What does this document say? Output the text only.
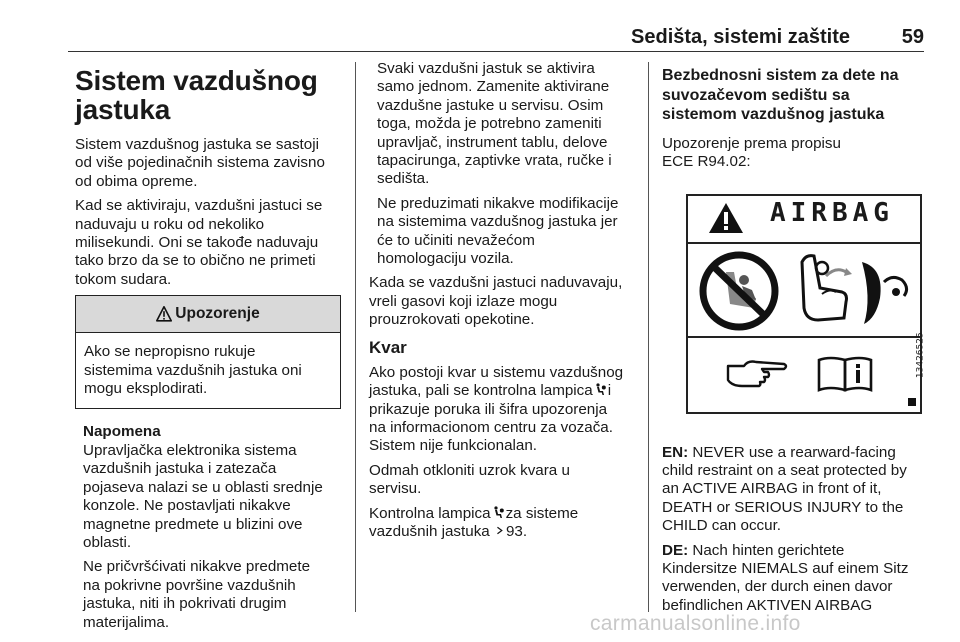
Sedišta, sistemi zaštite	59
Sistem vazdušnog
jastuka

Sistem vazdušnog jastuka se sastoji
od više pojedinačnih sistema zavisno
od obima opreme.

Kad se aktiviraju, vazdušni jastuci se
naduvaju u roku od nekoliko
milisekundi. Oni se takođe naduvaju
tako brzo da se to obično ne primeti
tokom sudara.

Upozorenje
Ako se nepropisno rukuje
sistemima vazdušnih jastuka oni
mogu eksplodirati.

Napomena

Upravljačka elektronika sistema
vazdušnih jastuka i zatezača
pojaseva nalazi se u oblasti srednje
konzole. Ne postavljati nikakve
magnetne predmete u blizini ove
oblasti.

Ne pričvršćivati nikakve predmete
na pokrivne površine vazdušnih
jastuka, niti ih pokrivati drugim
materijalima.

Svaki vazdušni jastuk se aktivira
samo jednom. Zamenite aktivirane
vazdušne jastuke u servisu. Osim
toga, možda je potrebno zameniti
upravljač, instrument tablu, delove
tapacirunga, zaptivke vrata, ručke i
sedišta.

Ne preduzimati nikakve modifikacije
na sistemima vazdušnog jastuka jer
će to učiniti nevažećom
homologaciju vozila.

Kada se vazdušni jastuci naduvavaju,
vreli gasovi koji izlaze mogu
prouzrokovati opekotine.

Kvar

Ako postoji kvar u sistemu vazdušnog
jastuka, pali se kontrolna lampica i
prikazuje poruka ili šifra upozorenja
na informacionom centru za vozača.
Sistem nije funkcionalan.

Odmah otkloniti uzrok kvara u
servisu.

Kontrolna lampica za sisteme
vazdušnih jastuka 93.

Bezbednosni sistem za dete na
suvozačevom sedištu sa
sistemom vazdušnog jastuka

Upozorenje prema propisu
ECE R94.02:

AIRBAG
13426525

EN: NEVER use a rearward-facing
child restraint on a seat protected by
an ACTIVE AIRBAG in front of it,
DEATH or SERIOUS INJURY to the
CHILD can occur.

DE: Nach hinten gerichtete
Kindersitze NIEMALS auf einem Sitz
verwenden, der durch einen davor
befindlichen AKTIVEN AIRBAG

carmanualsonline.info
